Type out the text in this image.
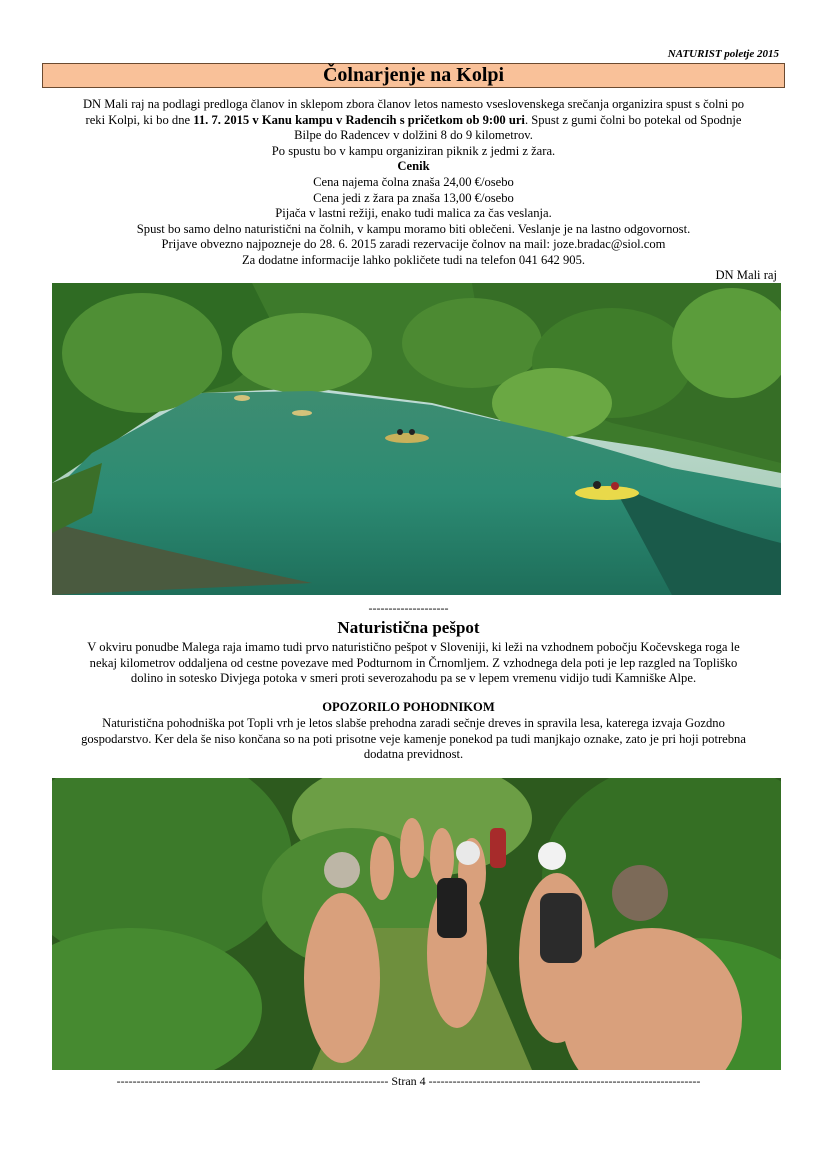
NATURIST poletje 2015
Čolnarjenje na Kolpi
DN Mali raj na podlagi predloga članov in sklepom zbora članov letos namesto vseslovenskega srečanja organizira spust s čolni po
reki Kolpi, ki bo dne 11. 7. 2015 v Kanu kampu v Radencih s pričetkom ob 9:00 uri. Spust z gumi čolni bo potekal od Spodnje
Bilpe do Radencev v dolžini 8 do 9 kilometrov.
Po spustu bo v kampu organiziran piknik z jedmi z žara.
Cenik
Cena najema čolna znaša 24,00 €/osebo
Cena jedi z žara pa znaša 13,00 €/osebo
Pijača v lastni režiji, enako tudi malica za čas veslanja.
Spust bo samo delno naturistični na čolnih, v kampu moramo biti oblečeni. Veslanje je na lastno odgovornost.
Prijave obvezno najpozneje do 28. 6. 2015 zaradi rezervacije čolnov na mail: joze.bradac@siol.com
Za dodatne informacije lahko pokličete tudi na telefon 041 642 905.
DN Mali raj
--------------------
Naturistična pešpot
V okviru ponudbe Malega raja imamo tudi prvo naturistično pešpot v Sloveniji, ki leži na vzhodnem pobočju Kočevskega roga le
nekaj kilometrov oddaljena od cestne povezave med Podturnom in Črnomljem. Z vzhodnega dela poti je lep razgled na Topliško
dolino in sotesko Divjega potoka v smeri proti severozahodu pa se v lepem vremenu vidijo tudi Kamniške Alpe.
OPOZORILO POHODNIKOM
Naturistična pohodniška pot Topli vrh je letos slabše prehodna zaradi sečnje dreves in spravila lesa, katerega izvaja Gozdno
gospodarstvo. Ker dela še niso končana so na poti prisotne veje kamenje ponekod pa tudi manjkajo oznake, zato je pri hoji potrebna
dodatna previdnost.
-------------------------------------------------------------------- Stran 4 --------------------------------------------------------------------
